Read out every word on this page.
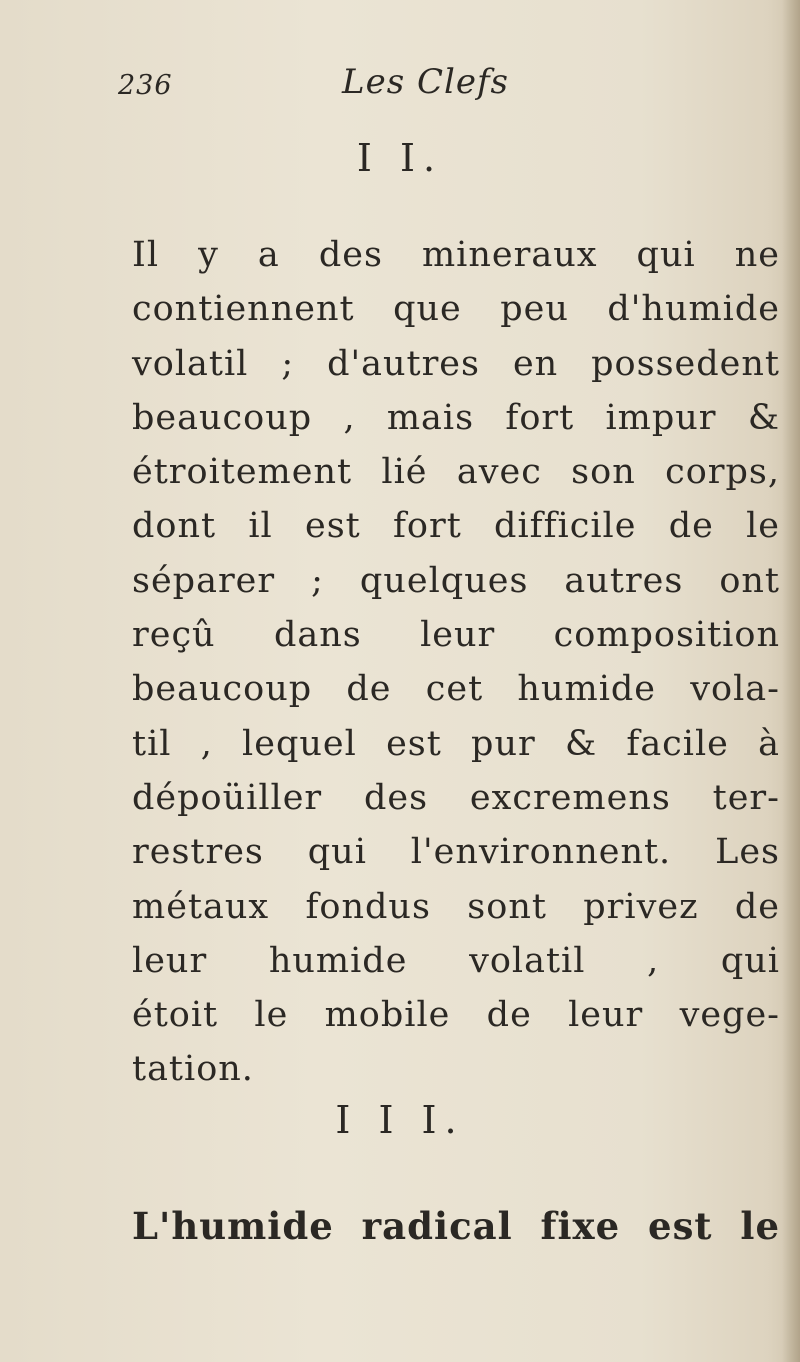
236	Les Clefs
I I.
Il y a des mineraux qui ne
contiennent que peu d'humide
volatil ; d'autres en possedent
beaucoup , mais fort impur &
étroitement lié avec son corps,
dont il est fort difficile de le
séparer ; quelques autres ont
reçû dans leur composition
beaucoup de cet humide vola-
til , lequel est pur & facile à
dépoüiller des excremens ter-
restres qui l'environnent. Les
métaux fondus sont privez de
leur humide volatil , qui
étoit le mobile de leur vege-
tation.
I I I.
L'humide radical fixe est le
